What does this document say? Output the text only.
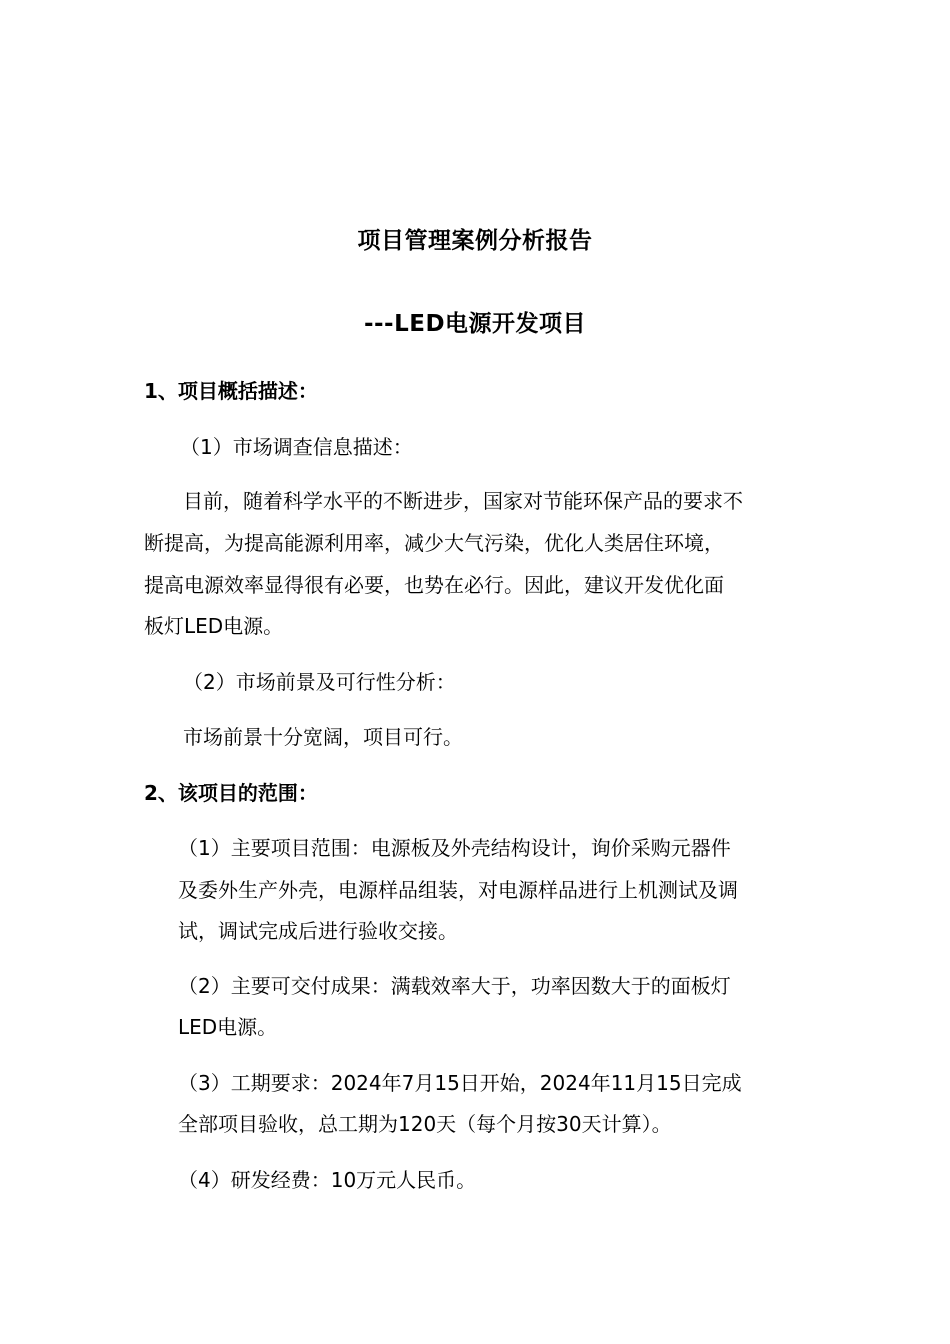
项目管理案例分析报告
---LED电源开发项目
1、项目概括描述：
（1）市场调查信息描述：
目前，随着科学水平的不断进步，国家对节能环保产品的要求不
断提高，为提高能源利用率，减少大气污染，优化人类居住环境，
提高电源效率显得很有必要，也势在必行。因此，建议开发优化面
板灯LED电源。
（2）市场前景及可行性分析：
市场前景十分宽阔，项目可行。
2、该项目的范围：
（1）主要项目范围：电源板及外壳结构设计，询价采购元器件
及委外生产外壳，电源样品组装，对电源样品进行上机测试及调
试，调试完成后进行验收交接。
（2）主要可交付成果：满载效率大于，功率因数大于的面板灯
LED电源。
（3）工期要求：2024年7月15日开始，2024年11月15日完成
全部项目验收，总工期为120天（每个月按30天计算）。
（4）研发经费：10万元人民币。
